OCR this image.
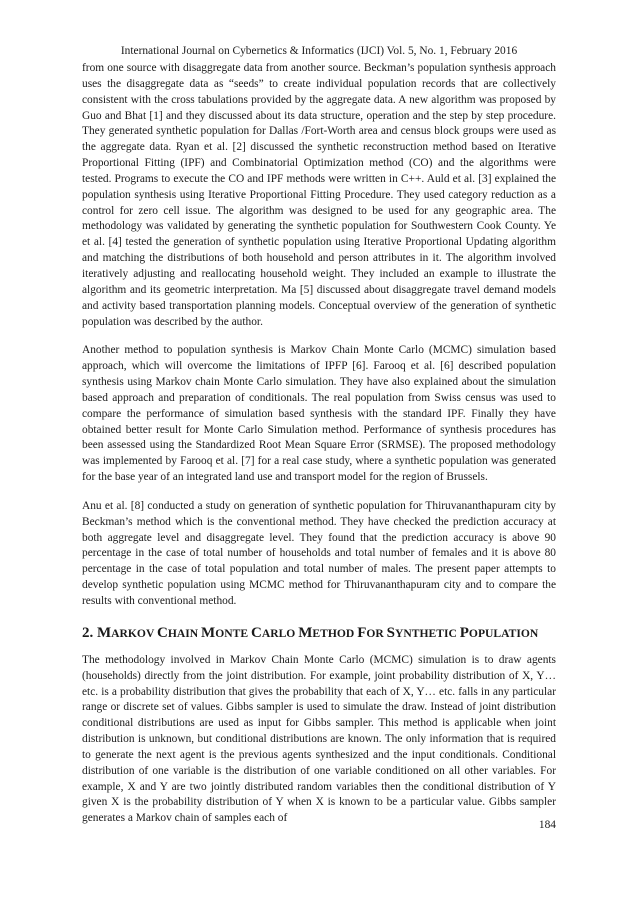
International Journal on Cybernetics & Informatics (IJCI) Vol. 5, No. 1, February 2016

from one source with disaggregate data from another source. Beckman’s population synthesis approach uses the disaggregate data as “seeds” to create individual population records that are collectively consistent with the cross tabulations provided by the aggregate data. A new algorithm was proposed by Guo and Bhat [1] and they discussed about its data structure, operation and the step by step procedure. They generated synthetic population for Dallas /Fort-Worth area and census block groups were used as the aggregate data. Ryan et al. [2] discussed the synthetic reconstruction method based on Iterative Proportional Fitting (IPF) and Combinatorial Optimization method (CO) and the algorithms were tested. Programs to execute the CO and IPF methods were written in C++. Auld et al. [3] explained the population synthesis using Iterative Proportional Fitting Procedure. They used category reduction as a control for zero cell issue. The algorithm was designed to be used for any geographic area. The methodology was validated by generating the synthetic population for Southwestern Cook County. Ye et al. [4] tested the generation of synthetic population using Iterative Proportional Updating algorithm and matching the distributions of both household and person attributes in it. The algorithm involved iteratively adjusting and reallocating household weight. They included an example to illustrate the algorithm and its geometric interpretation. Ma [5] discussed about disaggregate travel demand models and activity based transportation planning models. Conceptual overview of the generation of synthetic population was described by the author.

Another method to population synthesis is Markov Chain Monte Carlo (MCMC) simulation based approach, which will overcome the limitations of IPFP [6]. Farooq et al. [6] described population synthesis using Markov chain Monte Carlo simulation. They have also explained about the simulation based approach and preparation of conditionals. The real population from Swiss census was used to compare the performance of simulation based synthesis with the standard IPF. Finally they have obtained better result for Monte Carlo Simulation method. Performance of synthesis procedures has been assessed using the Standardized Root Mean Square Error (SRMSE). The proposed methodology was implemented by Farooq et al. [7] for a real case study, where a synthetic population was generated for the base year of an integrated land use and transport model for the region of Brussels.

Anu et al. [8] conducted a study on generation of synthetic population for Thiruvananthapuram city by Beckman’s method which is the conventional method. They have checked the prediction accuracy at both aggregate level and disaggregate level. They found that the prediction accuracy is above 90 percentage in the case of total number of households and total number of females and it is above 80 percentage in the case of total population and total number of males. The present paper attempts to develop synthetic population using MCMC method for Thiruvananthapuram city and to compare the results with conventional method.

2. MARKOV CHAIN MONTE CARLO METHOD FOR SYNTHETIC POPULATION

The methodology involved in Markov Chain Monte Carlo (MCMC) simulation is to draw agents (households) directly from the joint distribution. For example, joint probability distribution of X, Y… etc. is a probability distribution that gives the probability that each of X, Y… etc. falls in any particular range or discrete set of values. Gibbs sampler is used to simulate the draw. Instead of joint distribution conditional distributions are used as input for Gibbs sampler. This method is applicable when joint distribution is unknown, but conditional distributions are known. The only information that is required to generate the next agent is the previous agents synthesized and the input conditionals. Conditional distribution of one variable is the distribution of one variable conditioned on all other variables. For example, X and Y are two jointly distributed random variables then the conditional distribution of Y given X is the probability distribution of Y when X is known to be a particular value. Gibbs sampler generates a Markov chain of samples each of

184
